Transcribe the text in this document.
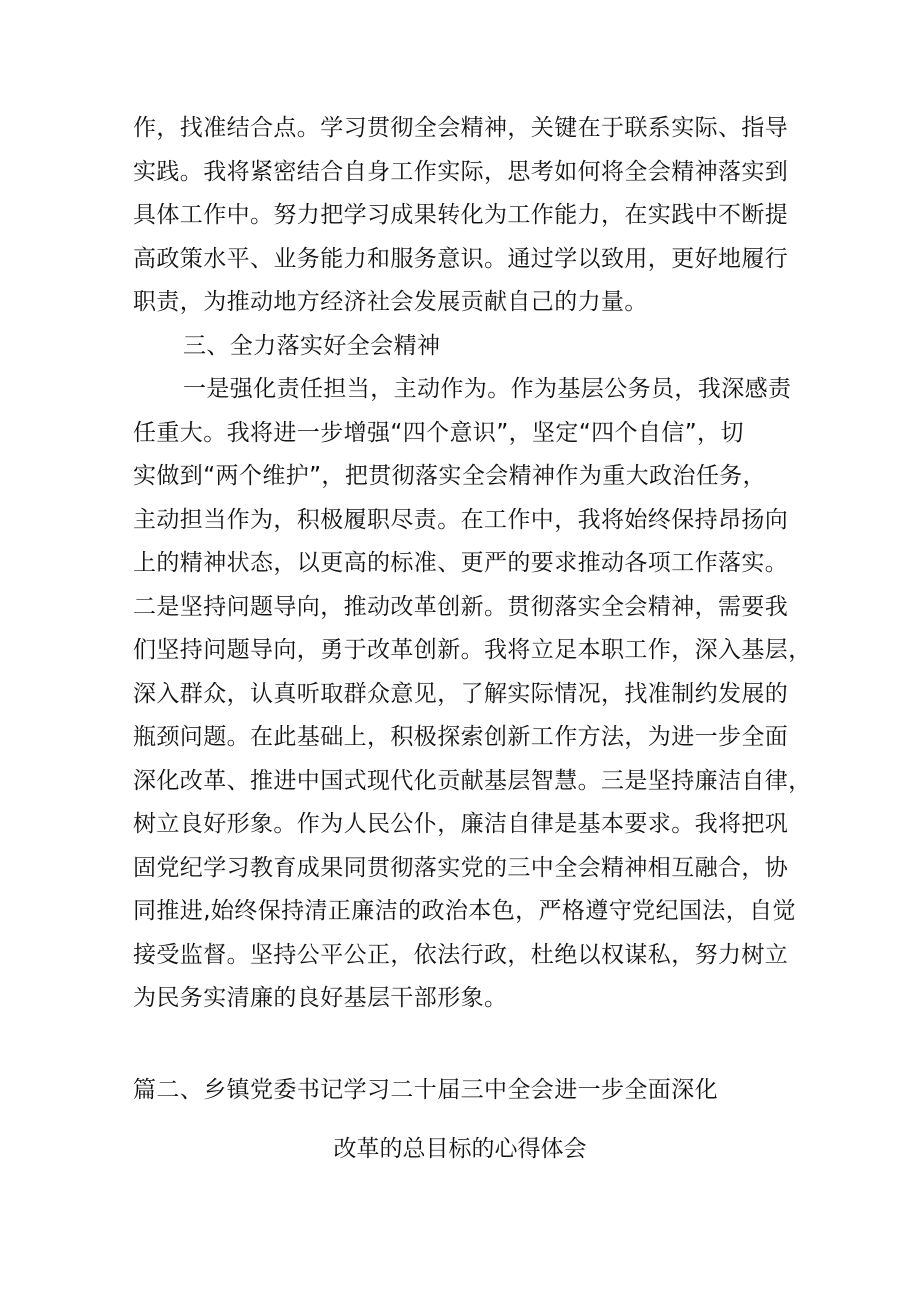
作，找准结合点。学习贯彻全会精神，关键在于联系实际、指导
实践。我将紧密结合自身工作实际，思考如何将全会精神落实到
具体工作中。努力把学习成果转化为工作能力，在实践中不断提
高政策水平、业务能力和服务意识。通过学以致用，更好地履行
职责，为推动地方经济社会发展贡献自己的力量。
三、全力落实好全会精神
一是强化责任担当，主动作为。作为基层公务员，我深感责
任重大。我将进一步增强“四个意识”，坚定“四个自信”，切
实做到“两个维护”，把贯彻落实全会精神作为重大政治任务，
主动担当作为，积极履职尽责。在工作中，我将始终保持昂扬向
上的精神状态，以更高的标准、更严的要求推动各项工作落实。
二是坚持问题导向，推动改革创新。贯彻落实全会精神，需要我
们坚持问题导向，勇于改革创新。我将立足本职工作，深入基层，
深入群众，认真听取群众意见，了解实际情况，找准制约发展的
瓶颈问题。在此基础上，积极探索创新工作方法，为进一步全面
深化改革、推进中国式现代化贡献基层智慧。三是坚持廉洁自律，
树立良好形象。作为人民公仆，廉洁自律是基本要求。我将把巩
固党纪学习教育成果同贯彻落实党的三中全会精神相互融合，协
同推进,始终保持清正廉洁的政治本色，严格遵守党纪国法，自觉
接受监督。坚持公平公正，依法行政，杜绝以权谋私，努力树立
为民务实清廉的良好基层干部形象。
篇二、乡镇党委书记学习二十届三中全会进一步全面深化
改革的总目标的心得体会
